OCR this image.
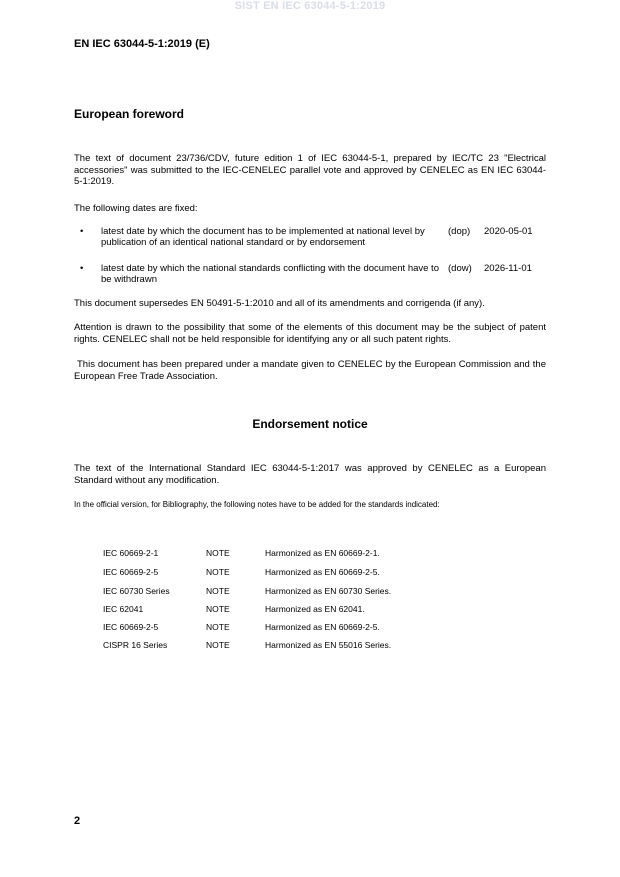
SIST EN IEC 63044-5-1:2019
EN IEC 63044-5-1:2019 (E)
European foreword
The text of document 23/736/CDV, future edition 1 of IEC 63044-5-1, prepared by IEC/TC 23 "Electrical accessories" was submitted to the IEC-CENELEC parallel vote and approved by CENELEC as EN IEC 63044-5-1:2019.
The following dates are fixed:
• latest date by which the document has to be implemented at national level by publication of an identical national standard or by endorsement
(dop) 2020-05-01
• latest date by which the national standards conflicting with the document have to be withdrawn
(dow) 2026-11-01
This document supersedes EN 50491-5-1:2010 and all of its amendments and corrigenda (if any).
Attention is drawn to the possibility that some of the elements of this document may be the subject of patent rights. CENELEC shall not be held responsible for identifying any or all such patent rights.
This document has been prepared under a mandate given to CENELEC by the European Commission and the European Free Trade Association.
Endorsement notice
The text of the International Standard IEC 63044-5-1:2017 was approved by CENELEC as a European Standard without any modification.
In the official version, for Bibliography, the following notes have to be added for the standards indicated:
IEC 60669-2-1	NOTE	Harmonized as EN 60669-2-1.
IEC 60669-2-5	NOTE	Harmonized as EN 60669-2-5.
IEC 60730 Series	NOTE	Harmonized as EN 60730 Series.
IEC 62041	NOTE	Harmonized as EN 62041.
IEC 60669-2-5	NOTE	Harmonized as EN 60669-2-5.
CISPR 16 Series	NOTE	Harmonized as EN 55016 Series.
2
